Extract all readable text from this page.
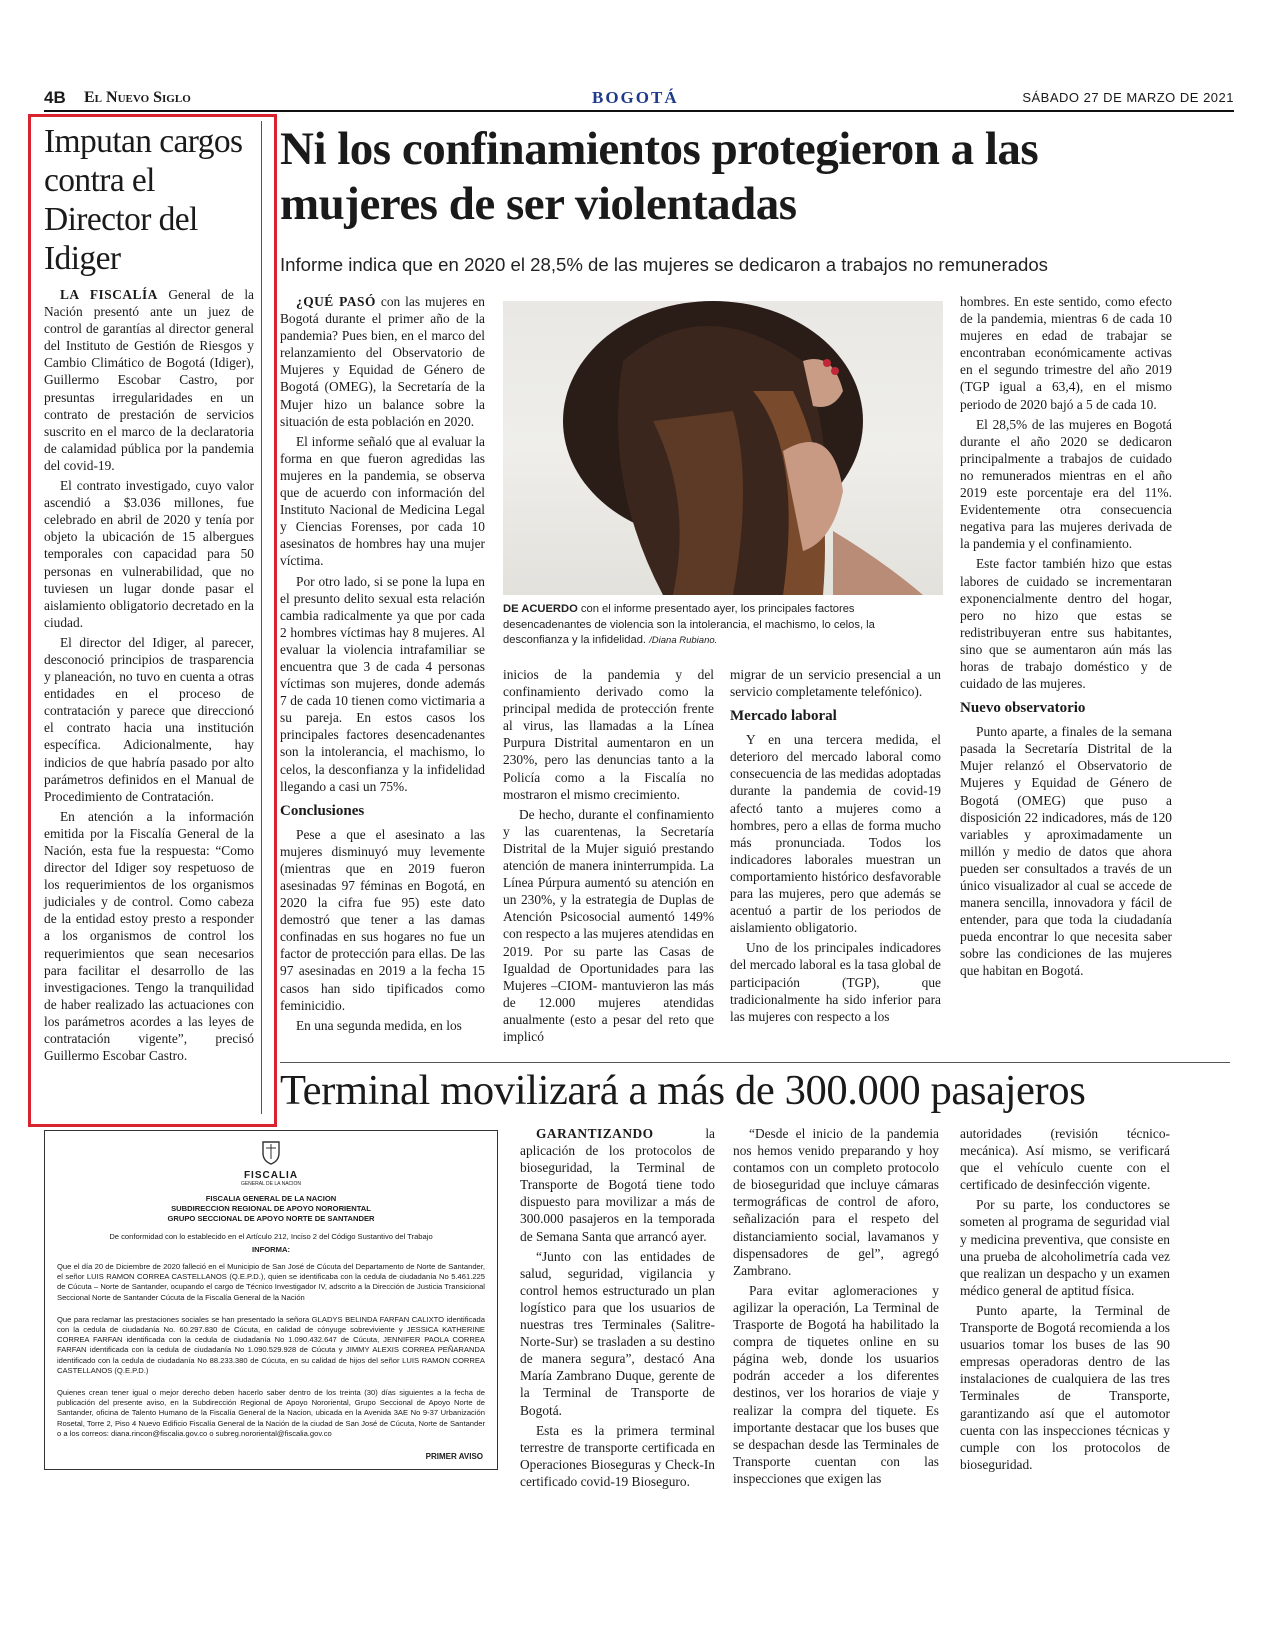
4B El Nuevo Siglo	BOGOTÁ	SÁBADO 27 DE MARZO DE 2021
Imputan cargos contra el Director del Idiger

LA FISCALÍA General de la Nación presentó ante un juez de control de garantías al director general del Instituto de Gestión de Riesgos y Cambio Climático de Bogotá (Idiger), Guillermo Escobar Castro, por presuntas irregularidades en un contrato de prestación de servicios suscrito en el marco de la declaratoria de calamidad pública por la pandemia del covid-19.

El contrato investigado, cuyo valor ascendió a $3.036 millones, fue celebrado en abril de 2020 y tenía por objeto la ubicación de 15 albergues temporales con capacidad para 50 personas en vulnerabilidad, que no tuviesen un lugar donde pasar el aislamiento obligatorio decretado en la ciudad.

El director del Idiger, al parecer, desconoció principios de trasparencia y planeación, no tuvo en cuenta a otras entidades en el proceso de contratación y parece que direccionó el contrato hacia una institución específica. Adicionalmente, hay indicios de que habría pasado por alto parámetros definidos en el Manual de Procedimiento de Contratación.

En atención a la información emitida por la Fiscalía General de la Nación, esta fue la respuesta: “Como director del Idiger soy respetuoso de los requerimientos de los organismos judiciales y de control. Como cabeza de la entidad estoy presto a responder a los organismos de control los requerimientos que sean necesarios para facilitar el desarrollo de las investigaciones. Tengo la tranquilidad de haber realizado las actuaciones con los parámetros acordes a las leyes de contratación vigente”, precisó Guillermo Escobar Castro.

Ni los confinamientos protegieron a las mujeres de ser violentadas
Informe indica que en 2020 el 28,5% de las mujeres se dedicaron a trabajos no remunerados
DE ACUERDO con el informe presentado ayer, los principales factores desencadenantes de violencia son la intolerancia, el machismo, lo celos, la desconfianza y la infidelidad. /Diana Rubiano.

¿QUÉ PASÓ con las mujeres en Bogotá durante el primer año de la pandemia? Pues bien, en el marco del relanzamiento del Observatorio de Mujeres y Equidad de Género de Bogotá (OMEG), la Secretaría de la Mujer hizo un balance sobre la situación de esta población en 2020.

El informe señaló que al evaluar la forma en que fueron agredidas las mujeres en la pandemia, se observa que de acuerdo con información del Instituto Nacional de Medicina Legal y Ciencias Forenses, por cada 10 asesinatos de hombres hay una mujer víctima.

Por otro lado, si se pone la lupa en el presunto delito sexual esta relación cambia radicalmente ya que por cada 2 hombres víctimas hay 8 mujeres. Al evaluar la violencia intrafamiliar se encuentra que 3 de cada 4 personas víctimas son mujeres, donde además 7 de cada 10 tienen como victimaria a su pareja. En estos casos los principales factores desencadenantes son la intolerancia, el machismo, lo celos, la desconfianza y la infidelidad llegando a casi un 75%.

Conclusiones

Pese a que el asesinato a las mujeres disminuyó muy levemente (mientras que en 2019 fueron asesinadas 97 féminas en Bogotá, en 2020 la cifra fue 95) este dato demostró que tener a las damas confinadas en sus hogares no fue un factor de protección para ellas. De las 97 asesinadas en 2019 a la fecha 15 casos han sido tipificados como feminicidio.

En una segunda medida, en los

inicios de la pandemia y del confinamiento derivado como la principal medida de protección frente al virus, las llamadas a la Línea Purpura Distrital aumentaron en un 230%, pero las denuncias tanto a la Policía como a la Fiscalía no mostraron el mismo crecimiento.

De hecho, durante el confinamiento y las cuarentenas, la Secretaría Distrital de la Mujer siguió prestando atención de manera ininterrumpida. La Línea Púrpura aumentó su atención en un 230%, y la estrategia de Duplas de Atención Psicosocial aumentó 149% con respecto a las mujeres atendidas en 2019. Por su parte las Casas de Igualdad de Oportunidades para las Mujeres –CIOM- mantuvieron las más de 12.000 mujeres atendidas anualmente (esto a pesar del reto que implicó

migrar de un servicio presencial a un servicio completamente telefónico).

Mercado laboral

Y en una tercera medida, el deterioro del mercado laboral como consecuencia de las medidas adoptadas durante la pandemia de covid-19 afectó tanto a mujeres como a hombres, pero a ellas de forma mucho más pronunciada. Todos los indicadores laborales muestran un comportamiento histórico desfavorable para las mujeres, pero que además se acentuó a partir de los periodos de aislamiento obligatorio.

Uno de los principales indicadores del mercado laboral es la tasa global de participación (TGP), que tradicionalmente ha sido inferior para las mujeres con respecto a los

hombres. En este sentido, como efecto de la pandemia, mientras 6 de cada 10 mujeres en edad de trabajar se encontraban económicamente activas en el segundo trimestre del año 2019 (TGP igual a 63,4), en el mismo periodo de 2020 bajó a 5 de cada 10.

El 28,5% de las mujeres en Bogotá durante el año 2020 se dedicaron principalmente a trabajos de cuidado no remunerados mientras en el año 2019 este porcentaje era del 11%. Evidentemente otra consecuencia negativa para las mujeres derivada de la pandemia y el confinamiento.

Este factor también hizo que estas labores de cuidado se incrementaran exponencialmente dentro del hogar, pero no hizo que estas se redistribuyeran entre sus habitantes, sino que se aumentaron aún más las horas de trabajo doméstico y de cuidado de las mujeres.

Nuevo observatorio

Punto aparte, a finales de la semana pasada la Secretaría Distrital de la Mujer relanzó el Observatorio de Mujeres y Equidad de Género de Bogotá (OMEG) que puso a disposición 22 indicadores, más de 120 variables y aproximadamente un millón y medio de datos que ahora pueden ser consultados a través de un único visualizador al cual se accede de manera sencilla, innovadora y fácil de entender, para que toda la ciudadanía pueda encontrar lo que necesita saber sobre las condiciones de las mujeres que habitan en Bogotá.

Terminal movilizará a más de 300.000 pasajeros

GARANTIZANDO la aplicación de los protocolos de bioseguridad, la Terminal de Transporte de Bogotá tiene todo dispuesto para movilizar a más de 300.000 pasajeros en la temporada de Semana Santa que arrancó ayer.

“Junto con las entidades de salud, seguridad, vigilancia y control hemos estructurado un plan logístico para que los usuarios de nuestras tres Terminales (Salitre-Norte-Sur) se trasladen a su destino de manera segura”, destacó Ana María Zambrano Duque, gerente de la Terminal de Transporte de Bogotá.

Esta es la primera terminal terrestre de transporte certificada en Operaciones Bioseguras y Check-In certificado covid-19 Bioseguro.

“Desde el inicio de la pandemia nos hemos venido preparando y hoy contamos con un completo protocolo de bioseguridad que incluye cámaras termográficas de control de aforo, señalización para el respeto del distanciamiento social, lavamanos y dispensadores de gel”, agregó Zambrano.

Para evitar aglomeraciones y agilizar la operación, La Terminal de Trasporte de Bogotá ha habilitado la compra de tiquetes online en su página web, donde los usuarios podrán acceder a los diferentes destinos, ver los horarios de viaje y realizar la compra del tiquete. Es importante destacar que los buses que se despachan desde las Terminales de Transporte cuentan con las inspecciones que exigen las

autoridades (revisión técnico-mecánica). Así mismo, se verificará que el vehículo cuente con el certificado de desinfección vigente.

Por su parte, los conductores se someten al programa de seguridad vial y medicina preventiva, que consiste en una prueba de alcoholimetría cada vez que realizan un despacho y un examen médico general de aptitud física.

Punto aparte, la Terminal de Transporte de Bogotá recomienda a los usuarios tomar los buses de las 90 empresas operadoras dentro de las instalaciones de cualquiera de las tres Terminales de Transporte, garantizando así que el automotor cuenta con las inspecciones técnicas y cumple con los protocolos de bioseguridad.

FISCALIA
GENERAL DE LA NACION
FISCALIA GENERAL DE LA NACION
SUBDIRECCION REGIONAL DE APOYO NORORIENTAL
GRUPO SECCIONAL DE APOYO NORTE DE SANTANDER
De conformidad con lo establecido en el Artículo 212, Inciso 2 del Código Sustantivo del Trabajo
INFORMA:

Que el día 20 de Diciembre de 2020 falleció en el Municipio de San José de Cúcuta del Departamento de Norte de Santander, el señor LUIS RAMON CORREA CASTELLANOS (Q.E.P.D.), quien se identificaba con la cedula de ciudadanía No 5.461.225 de Cúcuta – Norte de Santander, ocupando el cargo de Técnico Investigador IV, adscrito a la Dirección de Justicia Transicional Seccional Norte de Santander Cúcuta de la Fiscalía General de la Nación

Que para reclamar las prestaciones sociales se han presentado la señora GLADYS BELINDA FARFAN CALIXTO identificada con la cedula de ciudadanía No. 60.297.830 de Cúcuta, en calidad de cónyuge sobreviviente y JESSICA KATHERINE CORREA FARFAN identificada con la cedula de ciudadanía No 1.090.432.647 de Cúcuta, JENNIFER PAOLA CORREA FARFAN identificada con la cedula de ciudadanía No 1.090.529.928 de Cúcuta y JIMMY ALEXIS CORREA PEÑARANDA identificado con la cedula de ciudadanía No 88.233.380 de Cúcuta, en su calidad de hijos del señor LUIS RAMON CORREA CASTELLANOS (Q.E.P.D.)

Quienes crean tener igual o mejor derecho deben hacerlo saber dentro de los treinta (30) días siguientes a la fecha de publicación del presente aviso, en la Subdirección Regional de Apoyo Nororiental, Grupo Seccional de Apoyo Norte de Santander, oficina de Talento Humano de la Fiscalía General de la Nacion, ubicada en la Avenida 3AE No 9-37 Urbanización Rosetal, Torre 2, Piso 4 Nuevo Edificio Fiscalía General de la Nación de la ciudad de San José de Cúcuta, Norte de Santander o a los correos: diana.rincon@fiscalia.gov.co o subreg.nororiental@fiscalia.gov.co

PRIMER AVISO
